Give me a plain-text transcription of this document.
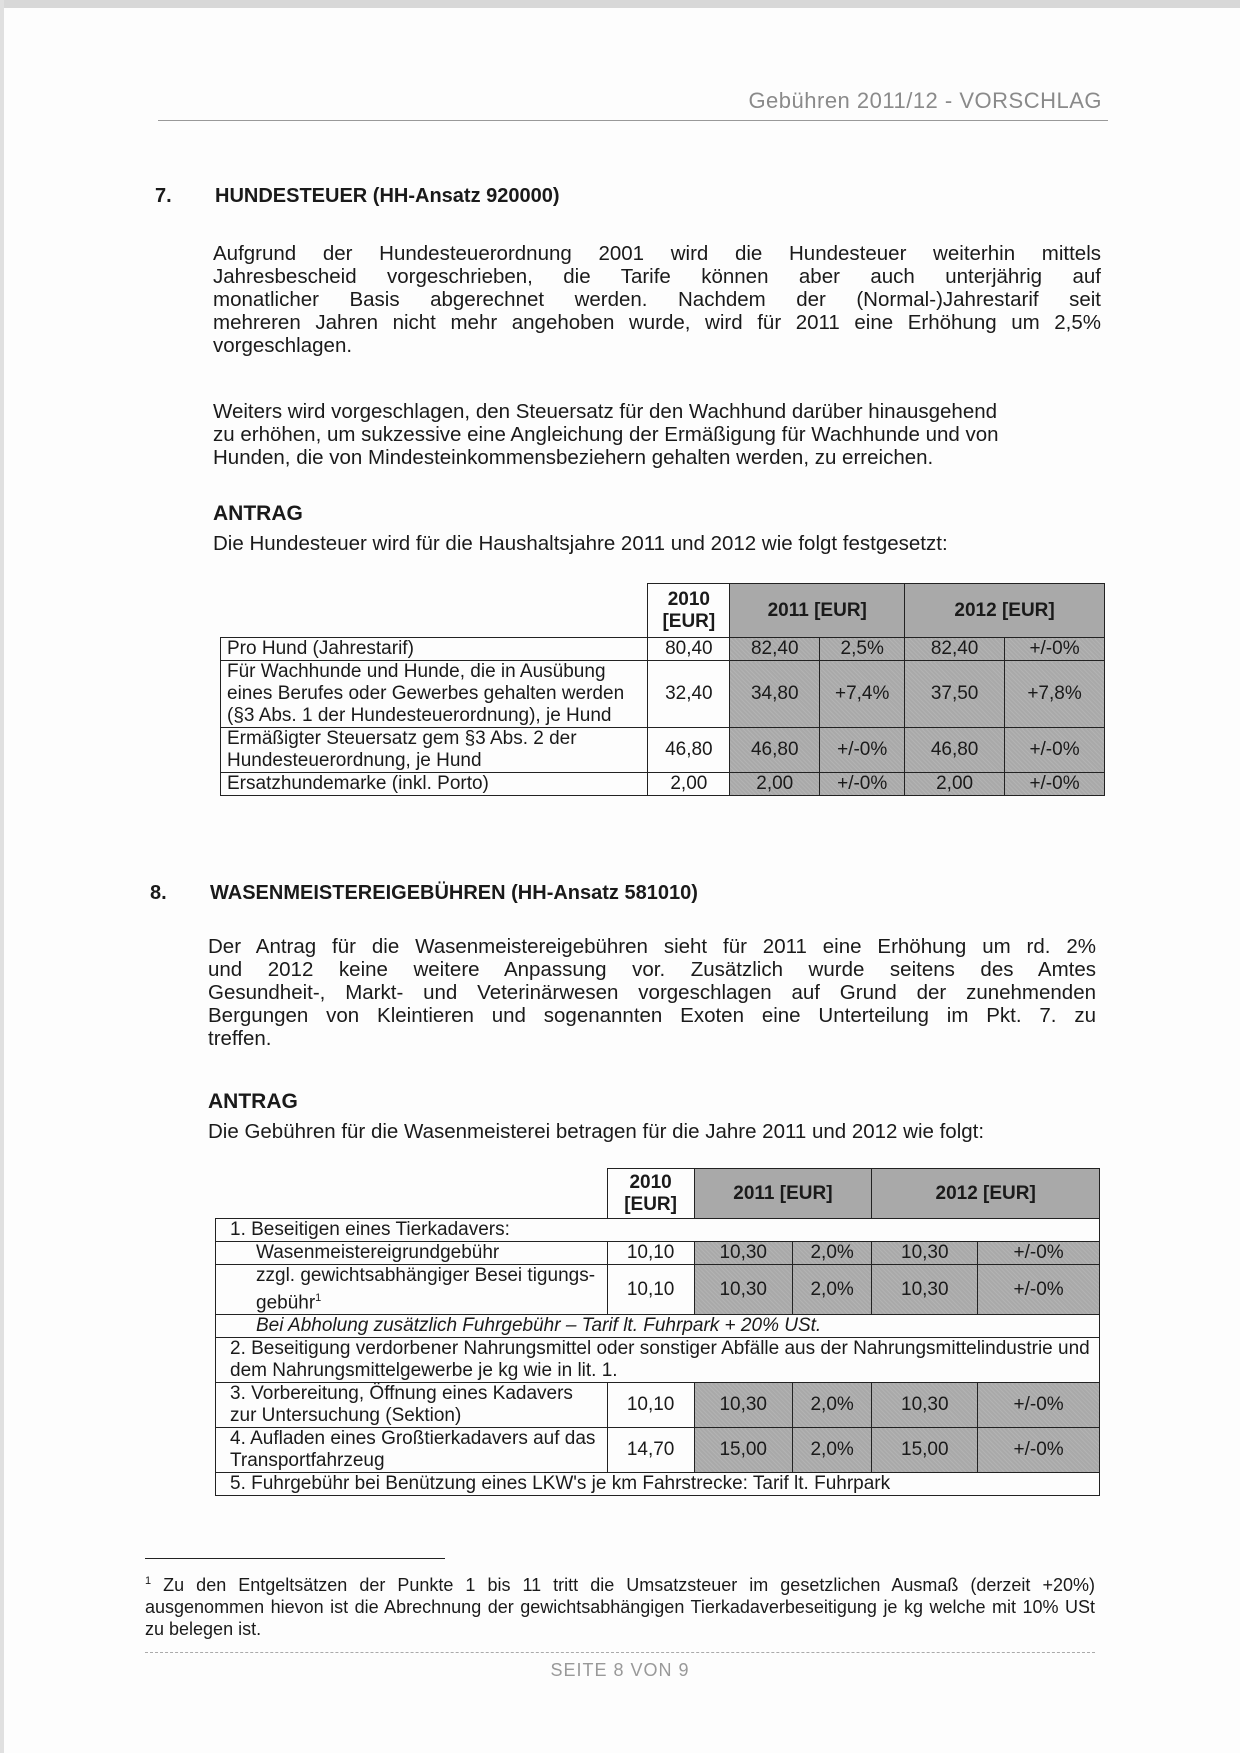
Gebühren 2011/12 - VORSCHLAG
7. HUNDESTEUER (HH-Ansatz 920000)
Aufgrund der Hundesteuerordnung 2001 wird die Hundesteuer weiterhin mittels
Jahresbescheid vorgeschrieben, die Tarife können aber auch unterjährig auf
monatlicher Basis abgerechnet werden. Nachdem der (Normal-)Jahrestarif seit
mehreren Jahren nicht mehr angehoben wurde, wird für 2011 eine Erhöhung um 2,5%
vorgeschlagen.
Weiters wird vorgeschlagen, den Steuersatz für den Wachhund darüber hinausgehend
zu erhöhen, um sukzessive eine Angleichung der Ermäßigung für Wachhunde und von
Hunden, die von Mindesteinkommensbeziehern gehalten werden, zu erreichen.
ANTRAG
Die Hundesteuer wird für die Haushaltsjahre 2011 und 2012 wie folgt festgesetzt:
	2010 [EUR]	2011 [EUR]		2012 [EUR]	
Pro Hund (Jahrestarif)	80,40	82,40	2,5%	82,40	+/-0%
Für Wachhunde und Hunde, die in Ausübung eines Berufes oder Gewerbes gehalten werden (§3 Abs. 1 der Hundesteuerordnung), je Hund	32,40	34,80	+7,4%	37,50	+7,8%
Ermäßigter Steuersatz gem §3 Abs. 2 der Hundesteuerordnung, je Hund	46,80	46,80	+/-0%	46,80	+/-0%
Ersatzhundemarke (inkl. Porto)	2,00	2,00	+/-0%	2,00	+/-0%
8. WASENMEISTEREIGEBÜHREN (HH-Ansatz 581010)
Der Antrag für die Wasenmeistereigebühren sieht für 2011 eine Erhöhung um rd. 2%
und 2012 keine weitere Anpassung vor. Zusätzlich wurde seitens des Amtes
Gesundheit-, Markt- und Veterinärwesen vorgeschlagen auf Grund der zunehmenden
Bergungen von Kleintieren und sogenannten Exoten eine Unterteilung im Pkt. 7. zu
treffen.
ANTRAG
Die Gebühren für die Wasenmeisterei betragen für die Jahre 2011 und 2012 wie folgt:
	2010 [EUR]	2011 [EUR]		2012 [EUR]	
1. Beseitigen eines Tierkadavers:					
Wasenmeistereigrundgebühr	10,10	10,30	2,0%	10,30	+/-0%
zzgl. gewichtsabhängiger Besei tigungs-gebühr$^1$	10,10	10,30	2,0%	10,30	+/-0%
Bei Abholung zusätzlich Fuhrgebühr – Tarif lt. Fuhrpark + 20% USt.					
2. Beseitigung verdorbener Nahrungsmittel oder sonstiger Abfälle aus der Nahrungsmittelindustrie und dem Nahrungsmittelgewerbe je kg wie in lit. 1.					
3. Vorbereitung, Öffnung eines Kadavers zur Untersuchung (Sektion)	10,10	10,30	2,0%	10,30	+/-0%
4. Aufladen eines Großtierkadavers auf das Transportfahrzeug	14,70	15,00	2,0%	15,00	+/-0%
5. Fuhrgebühr bei Benützung eines LKW's je km Fahrstrecke: Tarif lt. Fuhrpark					
$^1$ Zu den Entgeltsätzen der Punkte 1 bis 11 tritt die Umsatzsteuer im gesetzlichen Ausmaß (derzeit +20%) ausgenommen hievon ist die Abrechnung der gewichtsabhängigen Tierkadaverbeseitigung je kg welche mit 10% USt zu belegen ist.
SEITE 8 VON 9
